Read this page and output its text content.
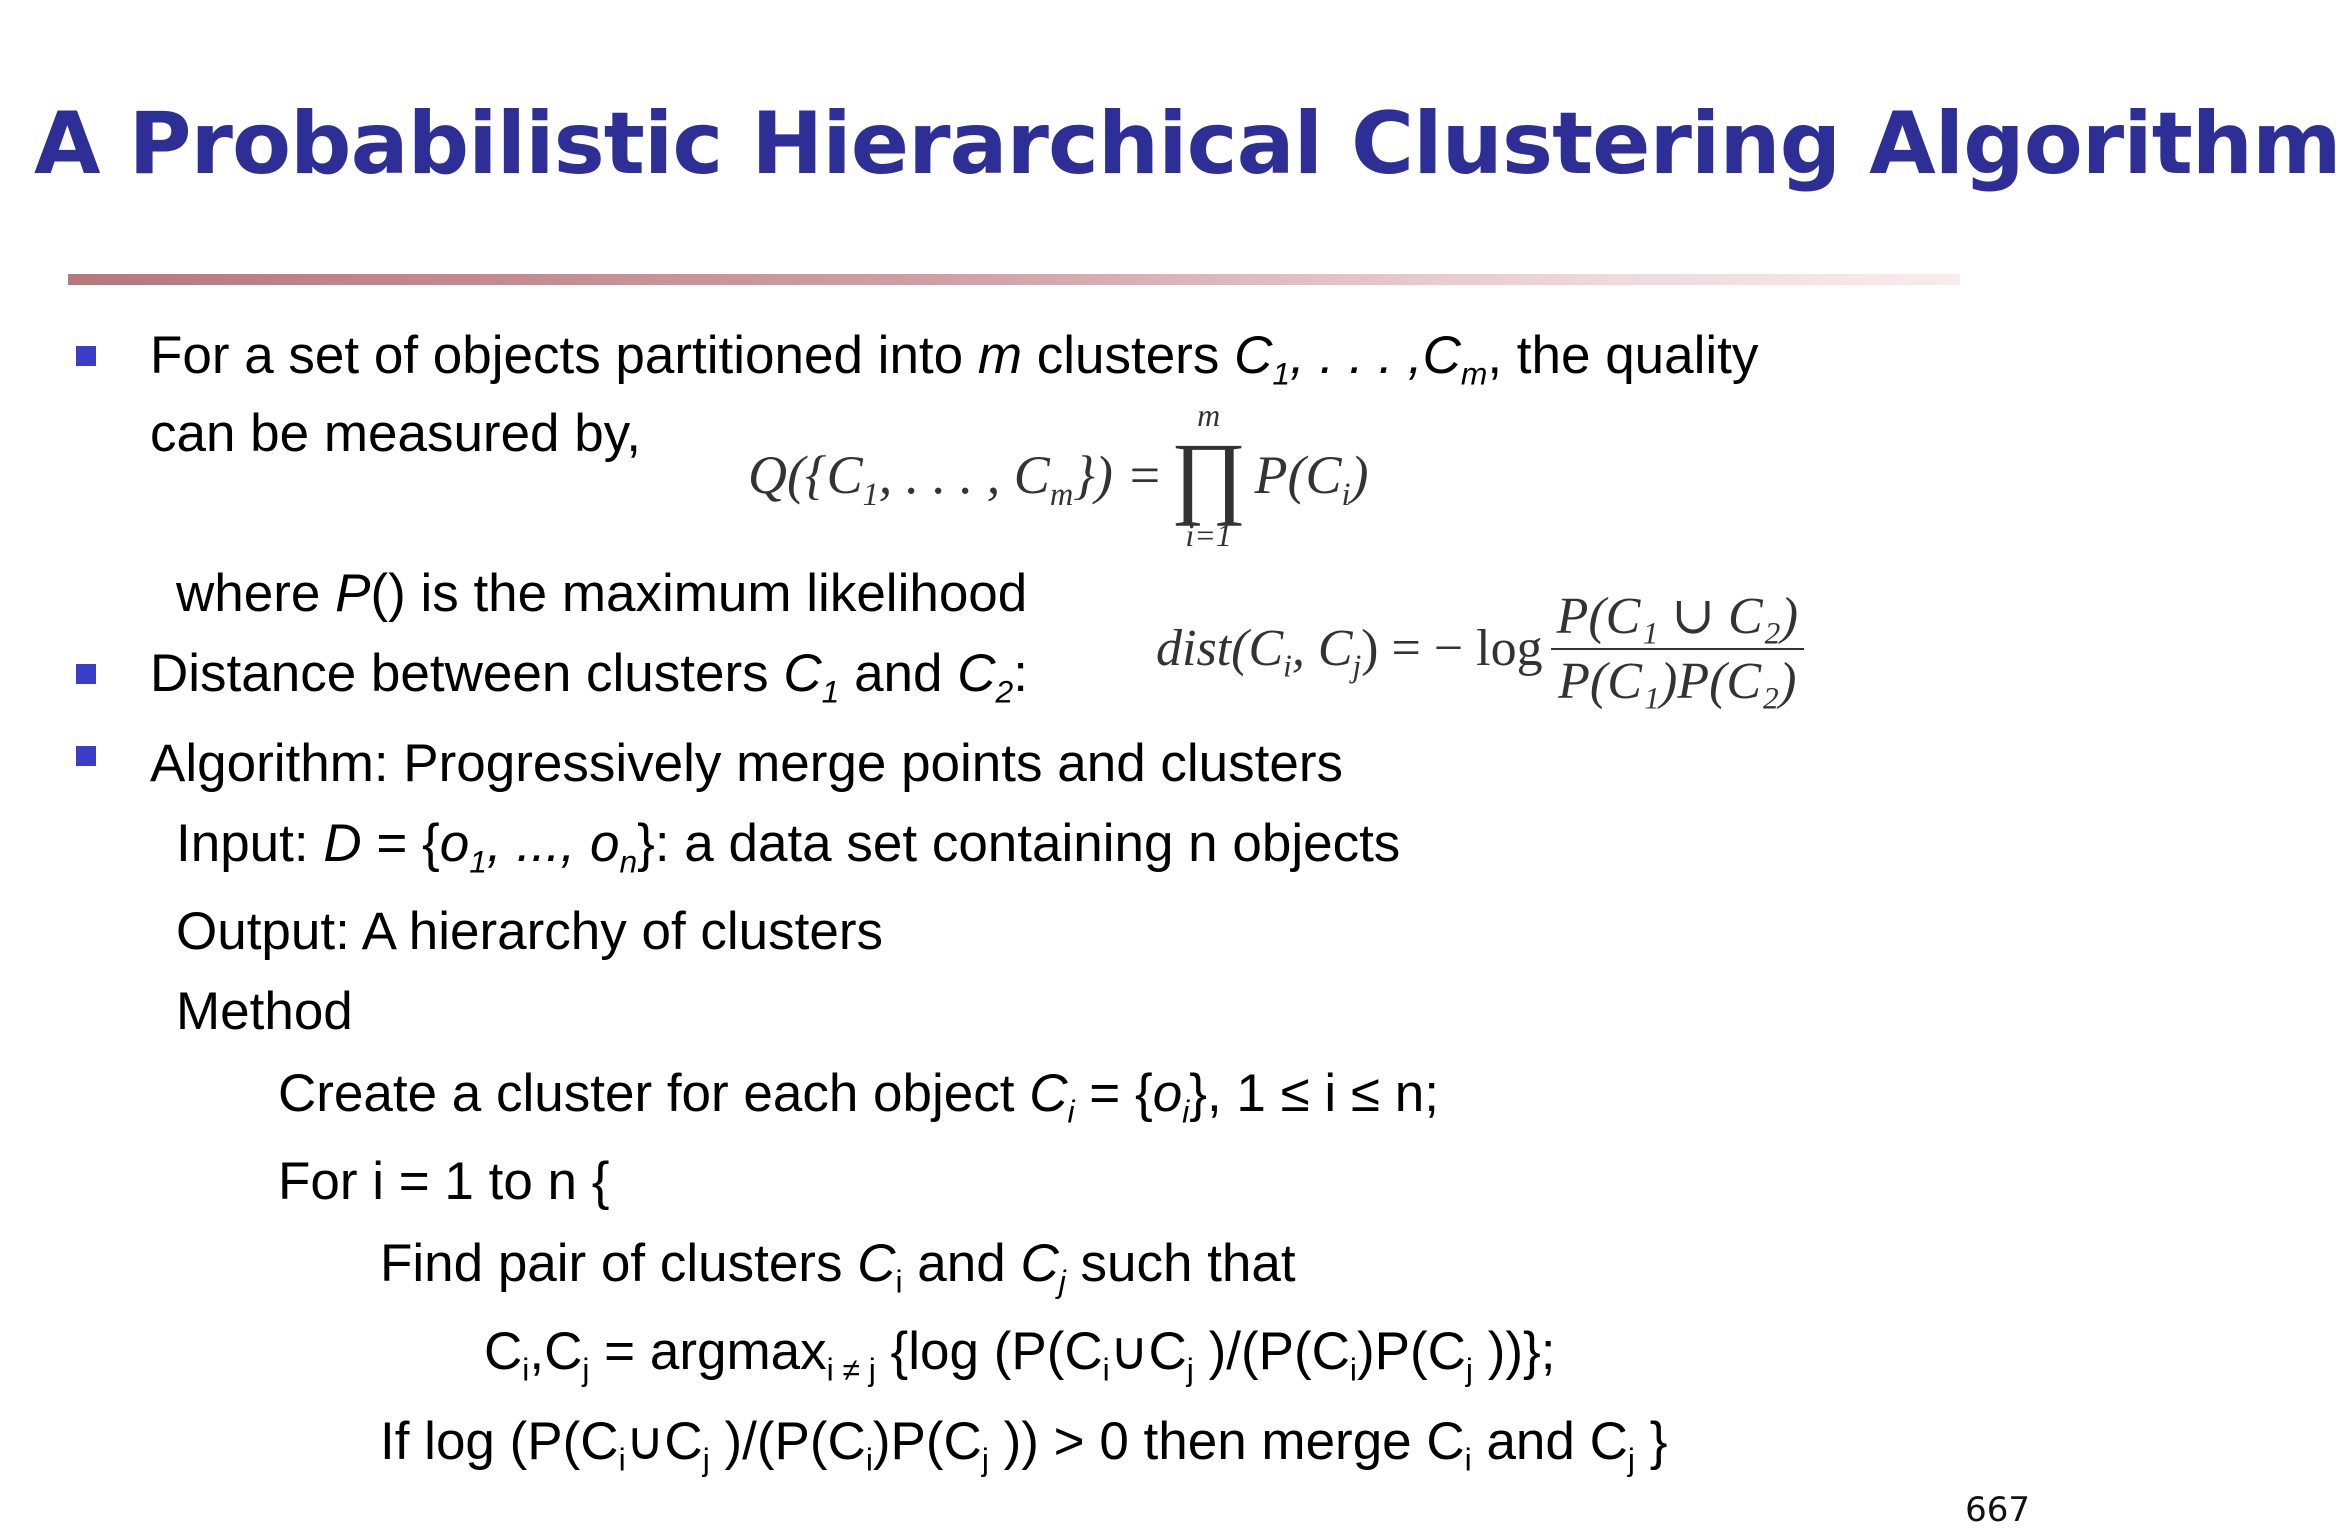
A Probabilistic Hierarchical Clustering Algorithm
For a set of objects partitioned into m clusters $C_1$, . . . $,C_m$, the quality
can be measured by,
$Q(\{C_1$, . . . , $C_m$}) =
m
∏
i=1
$P(C_i)$
where P() is the maximum likelihood
Distance between clusters $C_1$ and $C_2$: $dist(C_i$, $C_j$ ) = − $\log \frac{\text{P(C₁ ∪ C₂)}}{\text{P(C₁)P(C₂)}}$
Algorithm: Progressively merge points and clusters
Input: $D = \{o_1$, ..., $o_n$}: a data set containing n objects
Output: A hierarchy of clusters
Method
Create a cluster for each object $C_i = \{o_i\}$, 1 ≤ i ≤ n;
For i = 1 to n {
Find pair of clusters $C_i$ and $C_j$ such that
$C_i,C_j = argmax_{i \ne j}$ {log ($P(C_i\cup C_j$ )$/(P(C_i)P(C_j$ ))};
If $\log (P(C_i\cup C_j$ )$/(P(C_i)P(C_j$ )) > 0 then merge $C_i$ and $C_j$ }
667
